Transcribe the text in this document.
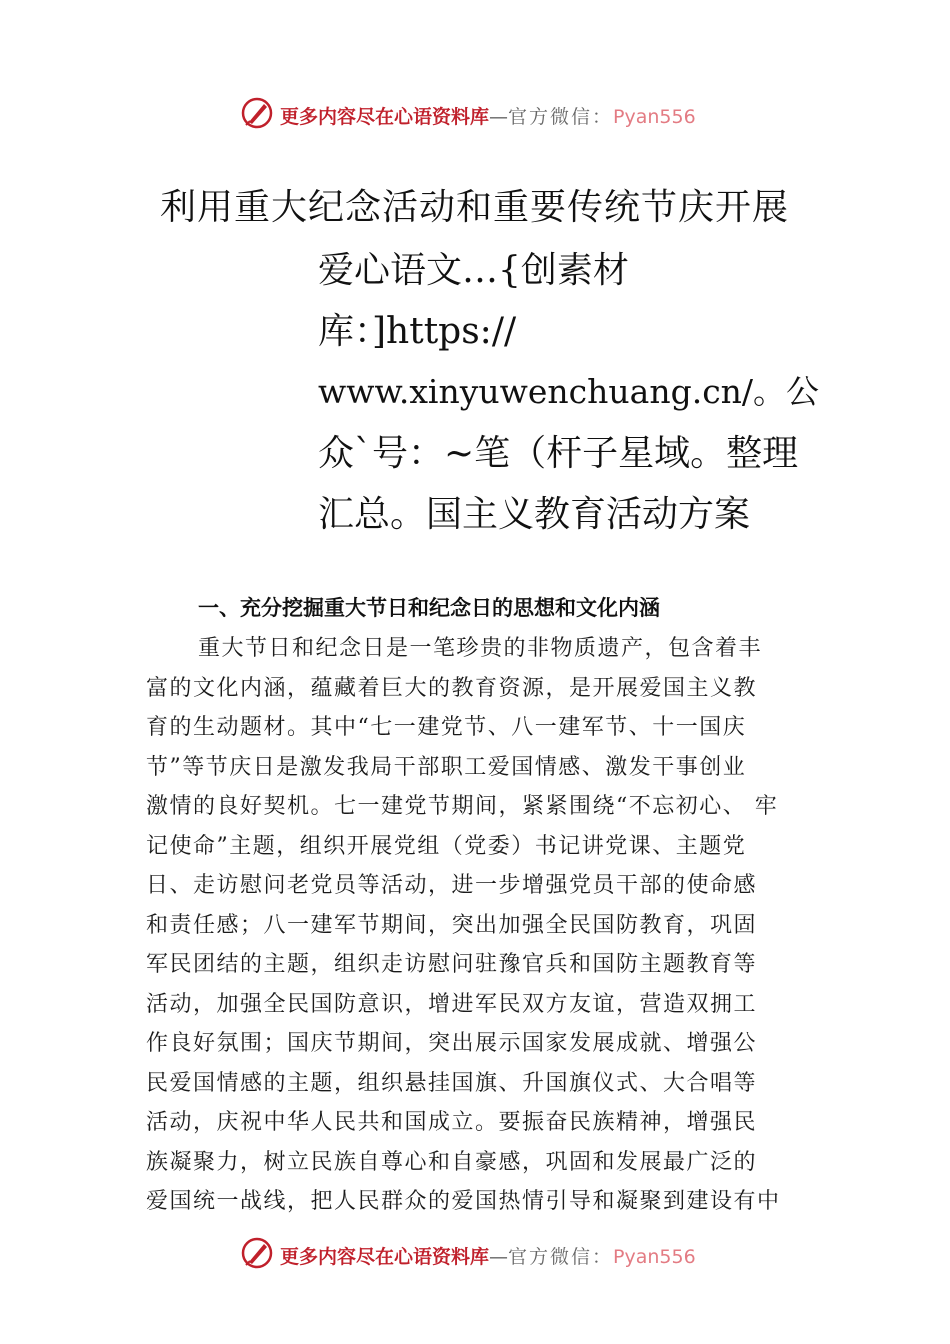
更多内容尽在心语资料库—官方微信：Pyan556
利用重大纪念活动和重要传统节庆开展
爱心语文…{创素材
库：]https://
www.xinyuwenchuang.cn/。公
众`号：~笔（杆子星域。整理
汇总。国主义教育活动方案
一、充分挖掘重大节日和纪念日的思想和文化内涵
重大节日和纪念日是一笔珍贵的非物质遗产，包含着丰
富的文化内涵，蕴藏着巨大的教育资源，是开展爱国主义教
育的生动题材。其中“七一建党节、八一建军节、十一国庆
节”等节庆日是激发我局干部职工爱国情感、激发干事创业
激情的良好契机。七一建党节期间，紧紧围绕“不忘初心、 牢
记使命”主题，组织开展党组（党委）书记讲党课、主题党
日、走访慰问老党员等活动，进一步增强党员干部的使命感
和责任感；八一建军节期间，突出加强全民国防教育，巩固
军民团结的主题，组织走访慰问驻豫官兵和国防主题教育等
活动，加强全民国防意识，增进军民双方友谊，营造双拥工
作良好氛围；国庆节期间，突出展示国家发展成就、增强公
民爱国情感的主题，组织悬挂国旗、升国旗仪式、大合唱等
活动，庆祝中华人民共和国成立。要振奋民族精神，增强民
族凝聚力，树立民族自尊心和自豪感，巩固和发展最广泛的
爱国统一战线，把人民群众的爱国热情引导和凝聚到建设有中
更多内容尽在心语资料库—官方微信：Pyan556
